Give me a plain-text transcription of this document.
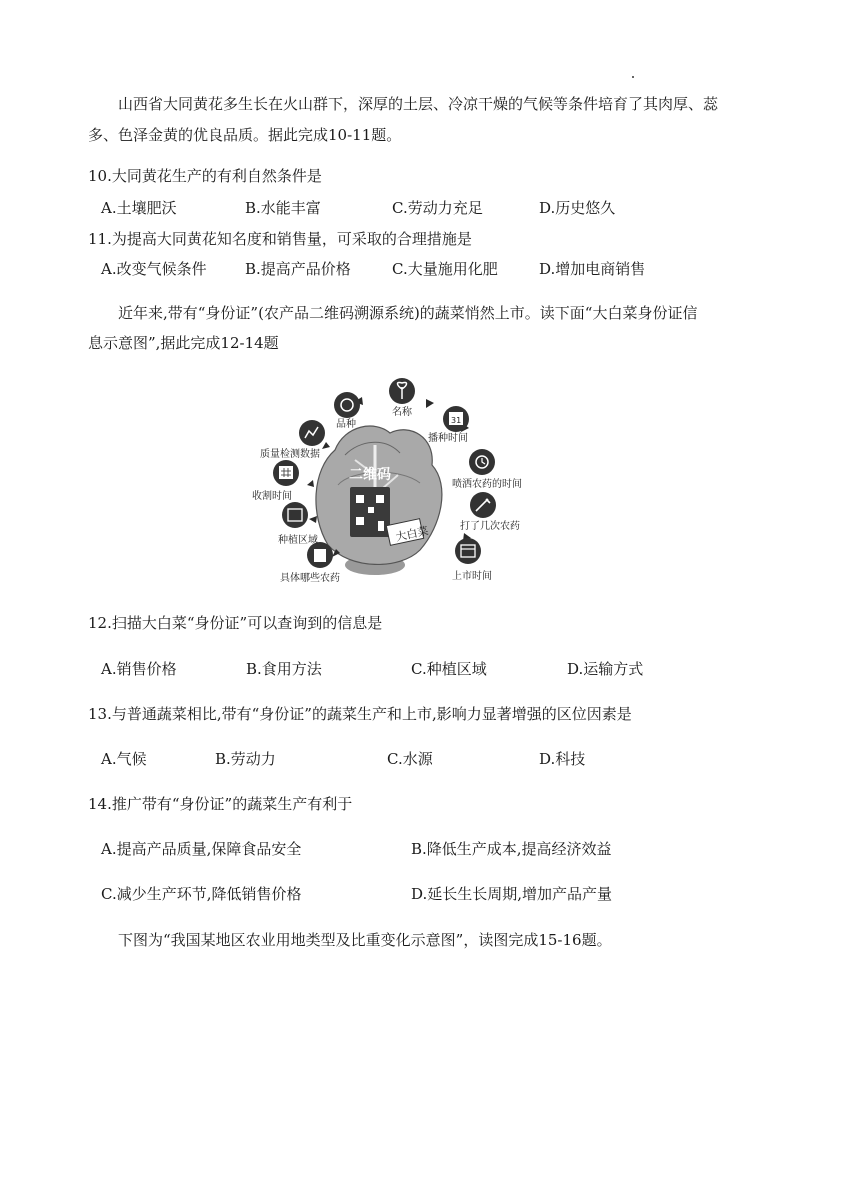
山西省大同黄花多生长在火山群下，深厚的土层、冷凉干燥的气候等条件培育了其肉厚、蕊
多、色泽金黄的优良品质。据此完成10-11题。
10.大同黄花生产的有利自然条件是
A.土壤肥沃	B.水能丰富	C.劳动力充足	D.历史悠久
11.为提高大同黄花知名度和销售量，可采取的合理措施是
A.改变气候条件	B.提高产品价格	C.大量施用化肥	D.增加电商销售
近年来,带有“身份证”(农产品二维码溯源系统)的蔬菜悄然上市。读下面“大白菜身份证信
息示意图”,据此完成12-14题
二维码
大白菜
品种
名称
31
播种时间
喷洒农药的时间
打了几次农药
上市时间
具体哪些农药
种植区域
收割时间
质量检测数据
12.扫描大白菜“身份证”可以查询到的信息是
A.销售价格	B.食用方法	C.种植区域	D.运输方式
13.与普通蔬菜相比,带有“身份证”的蔬菜生产和上市,影响力显著增强的区位因素是
A.气候	B.劳动力	C.水源	D.科技
14.推广带有“身份证”的蔬菜生产有利于
A.提高产品质量,保障食品安全	B.降低生产成本,提高经济效益
C.减少生产环节,降低销售价格	D.延长生长周期,增加产品产量
下图为“我国某地区农业用地类型及比重变化示意图”，读图完成15-16题。
